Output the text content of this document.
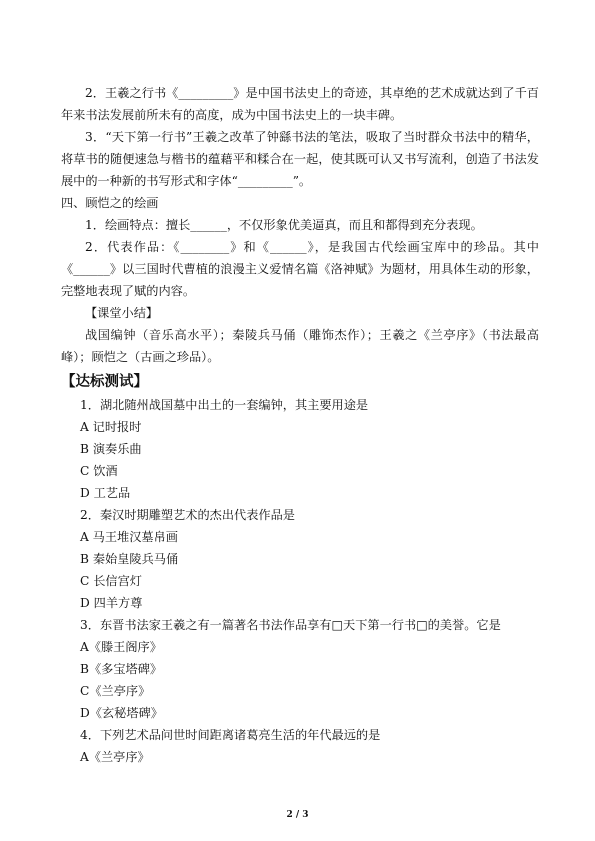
2．王羲之行书《_________》是中国书法史上的奇迹，其卓绝的艺术成就达到了千百年来书法发展前所未有的高度，成为中国书法史上的一块丰碑。

3．“天下第一行书”王羲之改革了钟繇书法的笔法，吸取了当时群众书法中的精华，将草书的随便速急与楷书的蕴藉平和糅合在一起，使其既可认又书写流利，创造了书法发展中的一种新的书写形式和字体“_________”。

四、顾恺之的绘画

1．绘画特点：擅长______，不仅形象优美逼真，而且和都得到充分表现。

2．代表作品：《________》和《______》，是我国古代绘画宝库中的珍品。其中《______》以三国时代曹植的浪漫主义爱情名篇《洛神赋》为题材，用具体生动的形象，完整地表现了赋的内容。

【课堂小结】

战国编钟（音乐高水平）；秦陵兵马俑（雕饰杰作）；王羲之《兰亭序》（书法最高峰）；顾恺之（古画之珍品）。

【达标测试】

1．湖北随州战国墓中出土的一套编钟，其主要用途是

A 记时报时

B 演奏乐曲

C 饮酒

D 工艺品

2．秦汉时期雕塑艺术的杰出代表作品是

A 马王堆汉墓帛画

B 秦始皇陵兵马俑

C 长信宫灯

D 四羊方尊

3．东晋书法家王羲之有一篇著名书法作品享有□天下第一行书□的美誉。它是

A《滕王阁序》

B《多宝塔碑》

C《兰亭序》

D《玄秘塔碑》

4．下列艺术品问世时间距离诸葛亮生活的年代最远的是

A《兰亭序》

2 / 3
